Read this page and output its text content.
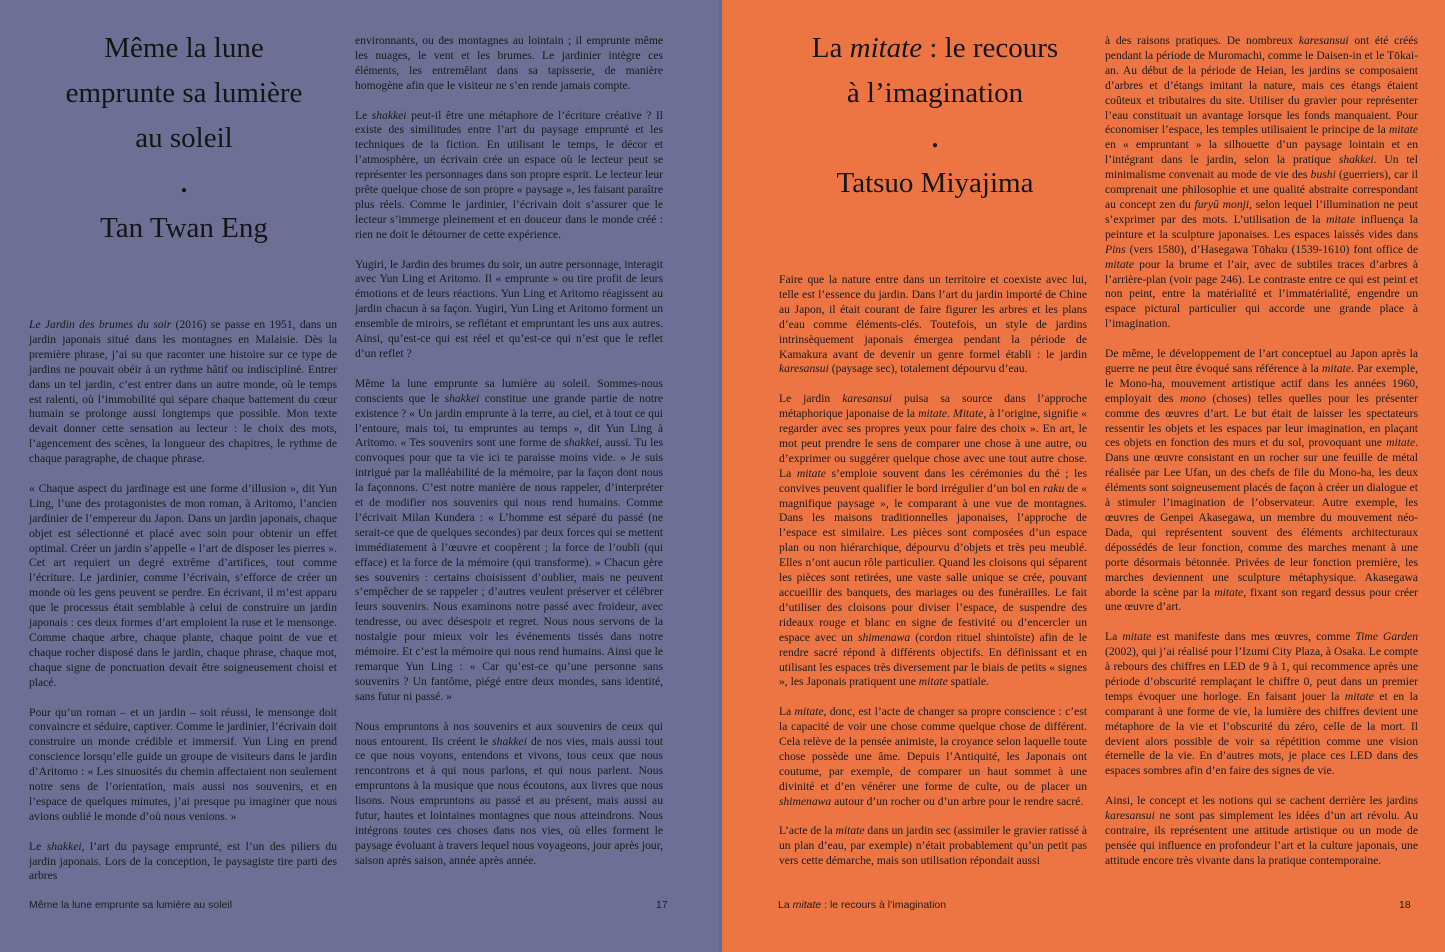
Même la lune
emprunte sa lumière
au soleil
.
Tan Twan Eng

Le Jardin des brumes du soir (2016) se passe en 1951, dans un jardin japonais situé dans les montagnes en Malaisie. Dès la première phrase, j’ai su que raconter une histoire sur ce type de jardins ne pouvait obéir à un rythme hâtif ou indiscipliné. Entrer dans un tel jardin, c’est entrer dans un autre monde, où le temps est ralenti, où l’immobilité qui sépare chaque battement du cœur humain se prolonge aussi longtemps que possible. Mon texte devait donner cette sensation au lecteur : le choix des mots, l’agencement des scènes, la longueur des chapitres, le rythme de chaque paragraphe, de chaque phrase.

« Chaque aspect du jardinage est une forme d’illusion », dit Yun Ling, l’une des protagonistes de mon roman, à Aritomo, l’ancien jardinier de l’empereur du Japon. Dans un jardin japonais, chaque objet est sélectionné et placé avec soin pour obtenir un effet optimal. Créer un jardin s’appelle « l’art de disposer les pierres ». Cet art requiert un degré extrême d’artifices, tout comme l’écriture. Le jardinier, comme l’écrivain, s’efforce de créer un monde où les gens peuvent se perdre. En écrivant, il m’est apparu que le processus était semblable à celui de construire un jardin japonais : ces deux formes d’art emploient la ruse et le mensonge. Comme chaque arbre, chaque plante, chaque point de vue et chaque rocher disposé dans le jardin, chaque phrase, chaque mot, chaque signe de ponctuation devait être soigneusement choisi et placé.

Pour qu’un roman – et un jardin – soit réussi, le mensonge doit convaincre et séduire, captiver. Comme le jardinier, l’écrivain doit construire un monde crédible et immersif. Yun Ling en prend conscience lorsqu’elle guide un groupe de visiteurs dans le jardin d’Aritomo : « Les sinuosités du chemin affectaient non seulement notre sens de l’orientation, mais aussi nos souvenirs, et en l’espace de quelques minutes, j’ai presque pu imaginer que nous avions oublié le monde d’où nous venions. »

Le shakkei, l’art du paysage emprunté, est l’un des piliers du jardin japonais. Lors de la conception, le paysagiste tire parti des arbres

environnants, ou des montagnes au lointain ; il emprunte même les nuages, le vent et les brumes. Le jardinier intègre ces éléments, les entremêlant dans sa tapisserie, de manière homogène afin que le visiteur ne s’en rende jamais compte.

Le shakkei peut-il être une métaphore de l’écriture créative ? Il existe des similitudes entre l’art du paysage emprunté et les techniques de la fiction. En utilisant le temps, le décor et l’atmosphère, un écrivain crée un espace où le lecteur peut se représenter les personnages dans son propre esprit. Le lecteur leur prête quelque chose de son propre « paysage », les faisant paraître plus réels. Comme le jardinier, l’écrivain doit s’assurer que le lecteur s’immerge pleinement et en douceur dans le monde créé : rien ne doit le détourner de cette expérience.

Yugiri, le Jardin des brumes du soir, un autre personnage, interagit avec Yun Ling et Aritomo. Il « emprunte » ou tire profit de leurs émotions et de leurs réactions. Yun Ling et Aritomo réagissent au jardin chacun à sa façon. Yugiri, Yun Ling et Aritomo forment un ensemble de miroirs, se reflétant et empruntant les uns aux autres. Ainsi, qu’est-ce qui est réel et qu’est-ce qui n’est que le reflet d’un reflet ?

Même la lune emprunte sa lumière au soleil. Sommes-nous conscients que le shakkei constitue une grande partie de notre existence ? « Un jardin emprunte à la terre, au ciel, et à tout ce qui l’entoure, mais toi, tu empruntes au temps », dit Yun Ling à Aritomo. « Tes souvenirs sont une forme de shakkei, aussi. Tu les convoques pour que ta vie ici te paraisse moins vide. » Je suis intrigué par la malléabilité de la mémoire, par la façon dont nous la façonnons. C’est notre manière de nous rappeler, d’interpréter et de modifier nos souvenirs qui nous rend humains. Comme l’écrivait Milan Kundera : « L’homme est séparé du passé (ne serait-ce que de quelques secondes) par deux forces qui se mettent immédiatement à l’œuvre et coopèrent ; la force de l’oubli (qui efface) et la force de la mémoire (qui transforme). » Chacun gère ses souvenirs : certains choisissent d’oublier, mais ne peuvent s’empêcher de se rappeler ; d’autres veulent préserver et célébrer leurs souvenirs. Nous examinons notre passé avec froideur, avec tendresse, ou avec désespoir et regret. Nous nous servons de la nostalgie pour mieux voir les événements tissés dans notre mémoire. Et c’est la mémoire qui nous rend humains. Ainsi que le remarque Yun Ling : « Car qu’est-ce qu’une personne sans souvenirs ? Un fantôme, piégé entre deux mondes, sans identité, sans futur ni passé. »

Nous empruntons à nos souvenirs et aux souvenirs de ceux qui nous entourent. Ils créent le shakkei de nos vies, mais aussi tout ce que nous voyons, entendons et vivons, tous ceux que nous rencontrons et à qui nous parlons, et qui nous parlent. Nous empruntons à la musique que nous écoutons, aux livres que nous lisons. Nous empruntons au passé et au présent, mais aussi au futur, hautes et lointaines montagnes que nous atteindrons. Nous intégrons toutes ces choses dans nos vies, où elles forment le paysage évoluant à travers lequel nous voyageons, jour après jour, saison après saison, année après année.

Même la lune emprunte sa lumière au soleil	17
La mitate : le recours
à l’imagination
.
Tatsuo Miyajima

Faire que la nature entre dans un territoire et coexiste avec lui, telle est l’essence du jardin. Dans l’art du jardin importé de Chine au Japon, il était courant de faire figurer les arbres et les plans d’eau comme éléments-clés. Toutefois, un style de jardins intrinsèquement japonais émergea pendant la période de Kamakura avant de devenir un genre formel établi : le jardin karesansui (paysage sec), totalement dépourvu d’eau.

Le jardin karesansui puisa sa source dans l’approche métaphorique japonaise de la mitate. Mitate, à l’origine, signifie « regarder avec ses propres yeux pour faire des choix ». En art, le mot peut prendre le sens de comparer une chose à une autre, ou d’exprimer ou suggérer quelque chose avec une tout autre chose. La mitate s’emploie souvent dans les cérémonies du thé ; les convives peuvent qualifier le bord irrégulier d’un bol en raku de « magnifique paysage », le comparant à une vue de montagnes. Dans les maisons traditionnelles japonaises, l’approche de l’espace est similaire. Les pièces sont composées d’un espace plan ou non hiérarchique, dépourvu d’objets et très peu meublé. Elles n’ont aucun rôle particulier. Quand les cloisons qui séparent les pièces sont retirées, une vaste salle unique se crée, pouvant accueillir des banquets, des mariages ou des funérailles. Le fait d’utiliser des cloisons pour diviser l’espace, de suspendre des rideaux rouge et blanc en signe de festivité ou d’encercler un espace avec un shimenawa (cordon rituel shintoïste) afin de le rendre sacré répond à différents objectifs. En définissant et en utilisant les espaces très diversement par le biais de petits « signes », les Japonais pratiquent une mitate spatiale.

La mitate, donc, est l’acte de changer sa propre conscience : c’est la capacité de voir une chose comme quelque chose de différent. Cela relève de la pensée animiste, la croyance selon laquelle toute chose possède une âme. Depuis l’Antiquité, les Japonais ont coutume, par exemple, de comparer un haut sommet à une divinité et d’en vénérer une forme de culte, ou de placer un shimenawa autour d’un rocher ou d’un arbre pour le rendre sacré.

L’acte de la mitate dans un jardin sec (assimiler le gravier ratissé à un plan d’eau, par exemple) n’était probablement qu’un petit pas vers cette démarche, mais son utilisation répondait aussi

à des raisons pratiques. De nombreux karesansui ont été créés pendant la période de Muromachi, comme le Daisen-in et le Tōkai-an. Au début de la période de Heian, les jardins se composaient d’arbres et d’étangs imitant la nature, mais ces étangs étaient coûteux et tributaires du site. Utiliser du gravier pour représenter l’eau constituait un avantage lorsque les fonds manquaient. Pour économiser l’espace, les temples utilisaient le principe de la mitate en « empruntant » la silhouette d’un paysage lointain et en l’intégrant dans le jardin, selon la pratique shakkei. Un tel minimalisme convenait au mode de vie des bushi (guerriers), car il comprenait une philosophie et une qualité abstraite correspondant au concept zen du furyū monji, selon lequel l’illumination ne peut s’exprimer par des mots. L’utilisation de la mitate influença la peinture et la sculpture japonaises. Les espaces laissés vides dans Pins (vers 1580), d’Hasegawa Tōhaku (1539-1610) font office de mitate pour la brume et l’air, avec de subtiles traces d’arbres à l’arrière-plan (voir page 246). Le contraste entre ce qui est peint et non peint, entre la matérialité et l’immatérialité, engendre un espace pictural particulier qui accorde une grande place à l’imagination.

De même, le développement de l’art conceptuel au Japon après la guerre ne peut être évoqué sans référence à la mitate. Par exemple, le Mono-ha, mouvement artistique actif dans les années 1960, employait des mono (choses) telles quelles pour les présenter comme des œuvres d’art. Le but était de laisser les spectateurs ressentir les objets et les espaces par leur imagination, en plaçant ces objets en fonction des murs et du sol, provoquant une mitate. Dans une œuvre consistant en un rocher sur une feuille de métal réalisée par Lee Ufan, un des chefs de file du Mono-ha, les deux éléments sont soigneusement placés de façon à créer un dialogue et à stimuler l’imagination de l’observateur. Autre exemple, les œuvres de Genpei Akasegawa, un membre du mouvement néo-Dada, qui représentent souvent des éléments architecturaux dépossédés de leur fonction, comme des marches menant à une porte désormais bétonnée. Privées de leur fonction première, les marches deviennent une sculpture métaphysique. Akasegawa aborde la scène par la mitate, fixant son regard dessus pour créer une œuvre d’art.

La mitate est manifeste dans mes œuvres, comme Time Garden (2002), qui j’ai réalisé pour l’Izumi City Plaza, à Osaka. Le compte à rebours des chiffres en LED de 9 à 1, qui recommence après une période d’obscurité remplaçant le chiffre 0, peut dans un premier temps évoquer une horloge. En faisant jouer la mitate et en la comparant à une forme de vie, la lumière des chiffres devient une métaphore de la vie et l’obscurité du zéro, celle de la mort. Il devient alors possible de voir sa répétition comme une vision éternelle de la vie. En d’autres mots, je place ces LED dans des espaces sombres afin d’en faire des signes de vie.

Ainsi, le concept et les notions qui se cachent derrière les jardins karesansui ne sont pas simplement les idées d’un art révolu. Au contraire, ils représentent une attitude artistique ou un mode de pensée qui influence en profondeur l’art et la culture japonais, une attitude encore très vivante dans la pratique contemporaine.

La mitate : le recours à l’imagination	18
